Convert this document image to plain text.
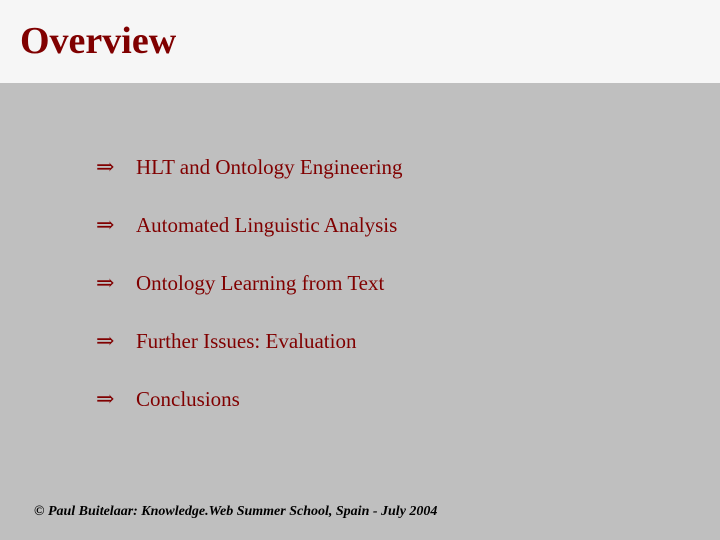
Overview
⇒	HLT and Ontology Engineering
⇒	Automated Linguistic Analysis
⇒	Ontology Learning from Text
⇒	Further Issues: Evaluation
⇒	Conclusions

© Paul Buitelaar: Knowledge.Web Summer School, Spain - July 2004
